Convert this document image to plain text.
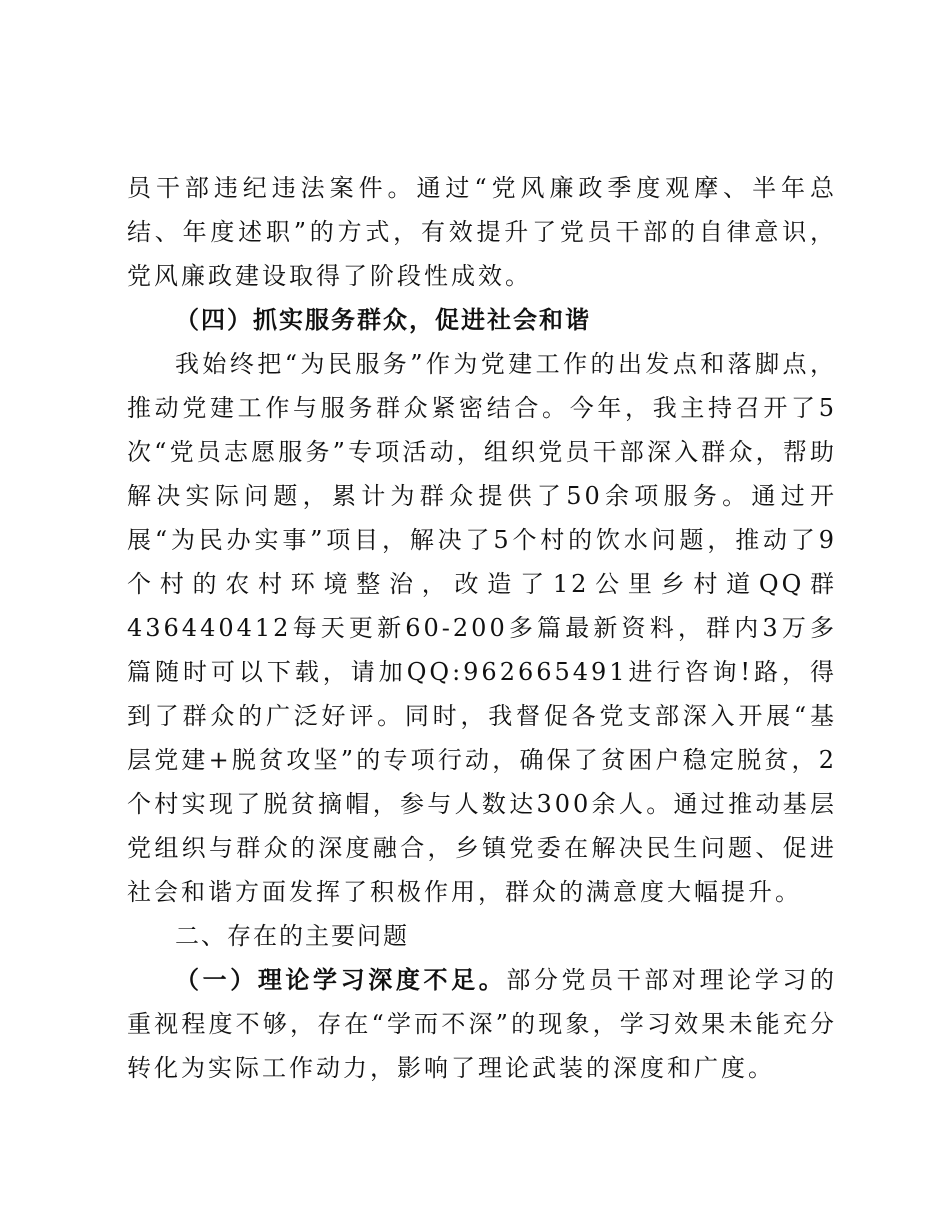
员干部违纪违法案件。通过“党风廉政季度观摩、半年总结、年度述职”的方式，有效提升了党员干部的自律意识，党风廉政建设取得了阶段性成效。

（四）抓实服务群众，促进社会和谐

我始终把“为民服务”作为党建工作的出发点和落脚点，推动党建工作与服务群众紧密结合。今年，我主持召开了5次“党员志愿服务”专项活动，组织党员干部深入群众，帮助解决实际问题，累计为群众提供了50余项服务。通过开展“为民办实事”项目，解决了5个村的饮水问题，推动了9个村的农村环境整治，改造了12公里乡村道QQ群436440412每天更新60-200多篇最新资料，群内3万多篇随时可以下载，请加QQ:962665491进行咨询!路，得到了群众的广泛好评。同时，我督促各党支部深入开展“基层党建+脱贫攻坚”的专项行动，确保了贫困户稳定脱贫，2个村实现了脱贫摘帽，参与人数达300余人。通过推动基层党组织与群众的深度融合，乡镇党委在解决民生问题、促进社会和谐方面发挥了积极作用，群众的满意度大幅提升。

二、存在的主要问题

（一）理论学习深度不足。部分党员干部对理论学习的重视程度不够，存在“学而不深”的现象，学习效果未能充分转化为实际工作动力，影响了理论武装的深度和广度。
